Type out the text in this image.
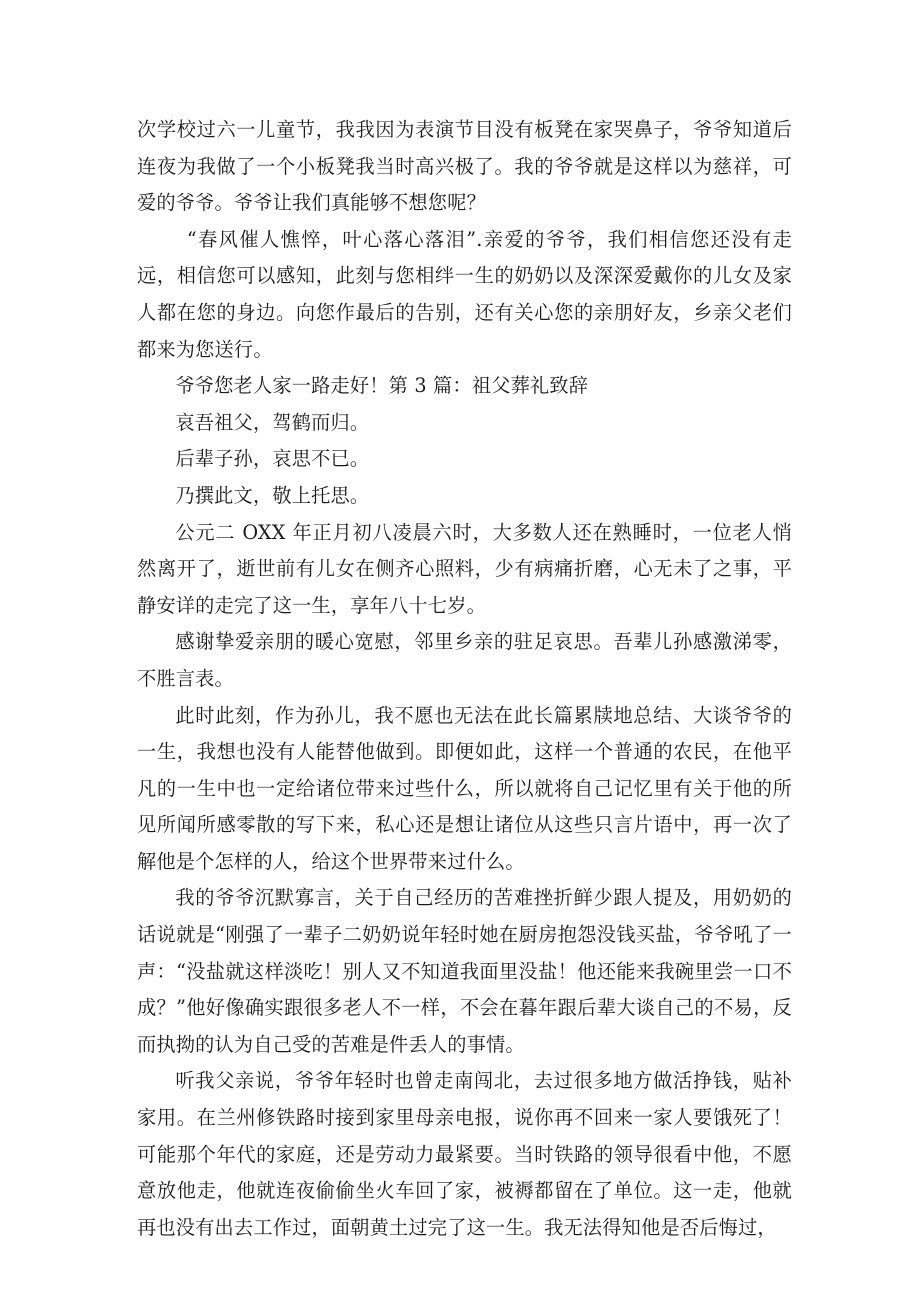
次学校过六一儿童节，我我因为表演节目没有板凳在家哭鼻子，爷爷知道后连夜为我做了一个小板凳我当时高兴极了。我的爷爷就是这样以为慈祥，可爱的爷爷。爷爷让我们真能够不想您呢？

“春风催人憔悴，叶心落心落泪”.亲爱的爷爷，我们相信您还没有走远，相信您可以感知，此刻与您相绊一生的奶奶以及深深爱戴你的儿女及家人都在您的身边。向您作最后的告别，还有关心您的亲朋好友，乡亲父老们都来为您送行。

爷爷您老人家一路走好！第 3 篇：祖父葬礼致辞

哀吾祖父，驾鹤而归。

后辈子孙，哀思不已。

乃撰此文，敬上托思。

公元二 OXX 年正月初八凌晨六时，大多数人还在熟睡时，一位老人悄然离开了，逝世前有儿女在侧齐心照料，少有病痛折磨，心无未了之事，平静安详的走完了这一生，享年八十七岁。

感谢挚爱亲朋的暖心宽慰，邻里乡亲的驻足哀思。吾辈儿孙感激涕零，不胜言表。

此时此刻，作为孙儿，我不愿也无法在此长篇累牍地总结、大谈爷爷的一生，我想也没有人能替他做到。即便如此，这样一个普通的农民，在他平凡的一生中也一定给诸位带来过些什么，所以就将自己记忆里有关于他的所见所闻所感零散的写下来，私心还是想让诸位从这些只言片语中，再一次了解他是个怎样的人，给这个世界带来过什么。

我的爷爷沉默寡言，关于自己经历的苦难挫折鲜少跟人提及，用奶奶的话说就是“刚强了一辈子二奶奶说年轻时她在厨房抱怨没钱买盐，爷爷吼了一声：“没盐就这样淡吃！别人又不知道我面里没盐！他还能来我碗里尝一口不成？”他好像确实跟很多老人不一样，不会在暮年跟后辈大谈自己的不易，反而执拗的认为自己受的苦难是件丢人的事情。

听我父亲说，爷爷年轻时也曾走南闯北，去过很多地方做活挣钱，贴补家用。在兰州修铁路时接到家里母亲电报，说你再不回来一家人要饿死了！可能那个年代的家庭，还是劳动力最紧要。当时铁路的领导很看中他，不愿意放他走，他就连夜偷偷坐火车回了家，被褥都留在了单位。这一走，他就再也没有出去工作过，面朝黄土过完了这一生。我无法得知他是否后悔过，
